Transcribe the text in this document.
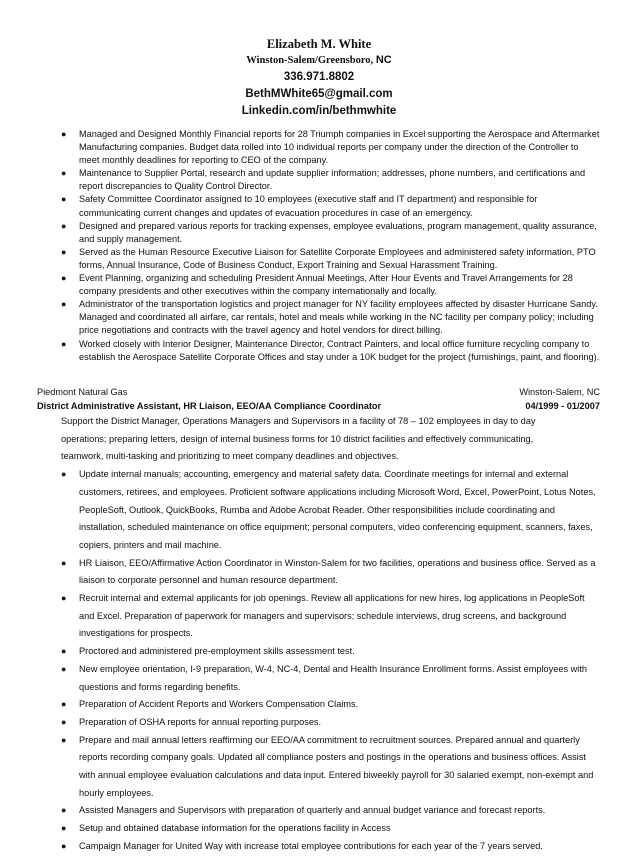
Elizabeth M. White
Winston-Salem/Greensboro, NC
336.971.8802
BethMWhite65@gmail.com
Linkedin.com/in/bethmwhite
● Managed and Designed Monthly Financial reports for 28 Triumph companies in Excel supporting the Aerospace and Aftermarket Manufacturing companies. Budget data rolled into 10 individual reports per company under the direction of the Controller to meet monthly deadlines for reporting to CEO of the company.
● Maintenance to Supplier Portal, research and update supplier information; addresses, phone numbers, and certifications and report discrepancies to Quality Control Director.
● Safety Committee Coordinator assigned to 10 employees (executive staff and IT department) and responsible for communicating current changes and updates of evacuation procedures in case of an emergency.
● Designed and prepared various reports for tracking expenses, employee evaluations, program management, quality assurance, and supply management.
● Served as the Human Resource Executive Liaison for Satellite Corporate Employees and administered safety information, PTO forms, Annual Insurance, Code of Business Conduct, Export Training and Sexual Harassment Training.
● Event Planning, organizing and scheduling President Annual Meetings, After Hour Events and Travel Arrangements for 28 company presidents and other executives within the company internationally and locally.
● Administrator of the transportation logistics and project manager for NY facility employees affected by disaster Hurricane Sandy. Managed and coordinated all airfare, car rentals, hotel and meals while working in the NC facility per company policy; including price negotiations and contracts with the travel agency and hotel vendors for direct billing.
● Worked closely with Interior Designer, Maintenance Director, Contract Painters, and local office furniture recycling company to establish the Aerospace Satellite Corporate Offices and stay under a 10K budget for the project (furnishings, paint, and flooring).
Piedmont Natural Gas	Winston-Salem, NC
District Administrative Assistant, HR Liaison, EEO/AA Compliance Coordinator	04/1999 - 01/2007
Support the District Manager, Operations Managers and Supervisors in a facility of 78 – 102 employees in day to day operations; preparing letters, design of internal business forms for 10 district facilities and effectively communicating, teamwork, multi-tasking and prioritizing to meet company deadlines and objectives.
● Update internal manuals; accounting, emergency and material safety data. Coordinate meetings for internal and external customers, retirees, and employees. Proficient software applications including Microsoft Word, Excel, PowerPoint, Lotus Notes, PeopleSoft, Outlook, QuickBooks, Rumba and Adobe Acrobat Reader. Other responsibilities include coordinating and installation, scheduled maintenance on office equipment; personal computers, video conferencing equipment, scanners, faxes, copiers, printers and mail machine.
● HR Liaison, EEO/Affirmative Action Coordinator in Winston-Salem for two facilities, operations and business office. Served as a liaison to corporate personnel and human resource department.
● Recruit internal and external applicants for job openings. Review all applications for new hires, log applications in PeopleSoft and Excel. Preparation of paperwork for managers and supervisors; schedule interviews, drug screens, and background investigations for prospects.
● Proctored and administered pre-employment skills assessment test.
● New employee orientation, I-9 preparation, W-4, NC-4, Dental and Health Insurance Enrollment forms. Assist employees with questions and forms regarding benefits.
● Preparation of Accident Reports and Workers Compensation Claims.
● Preparation of OSHA reports for annual reporting purposes.
● Prepare and mail annual letters reaffirming our EEO/AA commitment to recruitment sources. Prepared annual and quarterly reports recording company goals. Updated all compliance posters and postings in the operations and business offices. Assist with annual employee evaluation calculations and data input. Entered biweekly payroll for 30 salaried exempt, non-exempt and hourly employees.
● Assisted Managers and Supervisors with preparation of quarterly and annual budget variance and forecast reports.
● Setup and obtained database information for the operations facility in Access
● Campaign Manager for United Way with increase total employee contributions for each year of the 7 years served.
